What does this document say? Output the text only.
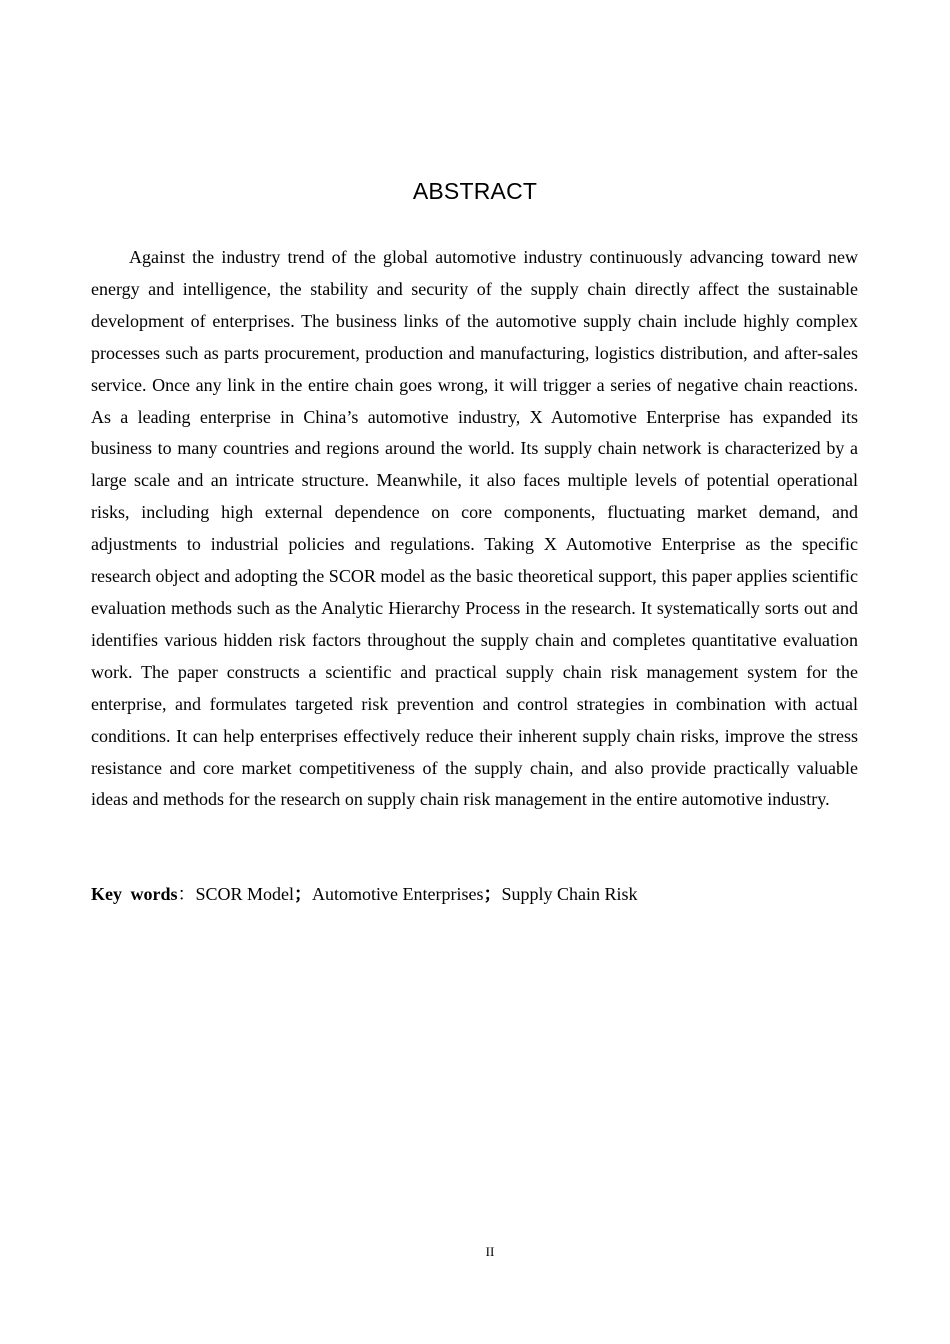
ABSTRACT

Against the industry trend of the global automotive industry continuously advancing toward new energy and intelligence, the stability and security of the supply chain directly affect the sustainable development of enterprises. The business links of the automotive supply chain include highly complex processes such as parts procurement, production and manufacturing, logistics distribution, and after-sales service. Once any link in the entire chain goes wrong, it will trigger a series of negative chain reactions. As a leading enterprise in China’s automotive industry, X Automotive Enterprise has expanded its business to many countries and regions around the world. Its supply chain network is characterized by a large scale and an intricate structure. Meanwhile, it also faces multiple levels of potential operational risks, including high external dependence on core components, fluctuating market demand, and adjustments to industrial policies and regulations. Taking X Automotive Enterprise as the specific research object and adopting the SCOR model as the basic theoretical support, this paper applies scientific evaluation methods such as the Analytic Hierarchy Process in the research. It systematically sorts out and identifies various hidden risk factors throughout the supply chain and completes quantitative evaluation work. The paper constructs a scientific and practical supply chain risk management system for the enterprise, and formulates targeted risk prevention and control strategies in combination with actual conditions. It can help enterprises effectively reduce their inherent supply chain risks, improve the stress resistance and core market competitiveness of the supply chain, and also provide practically valuable ideas and methods for the research on supply chain risk management in the entire automotive industry.

Key words：SCOR Model；Automotive Enterprises；Supply Chain Risk

II
